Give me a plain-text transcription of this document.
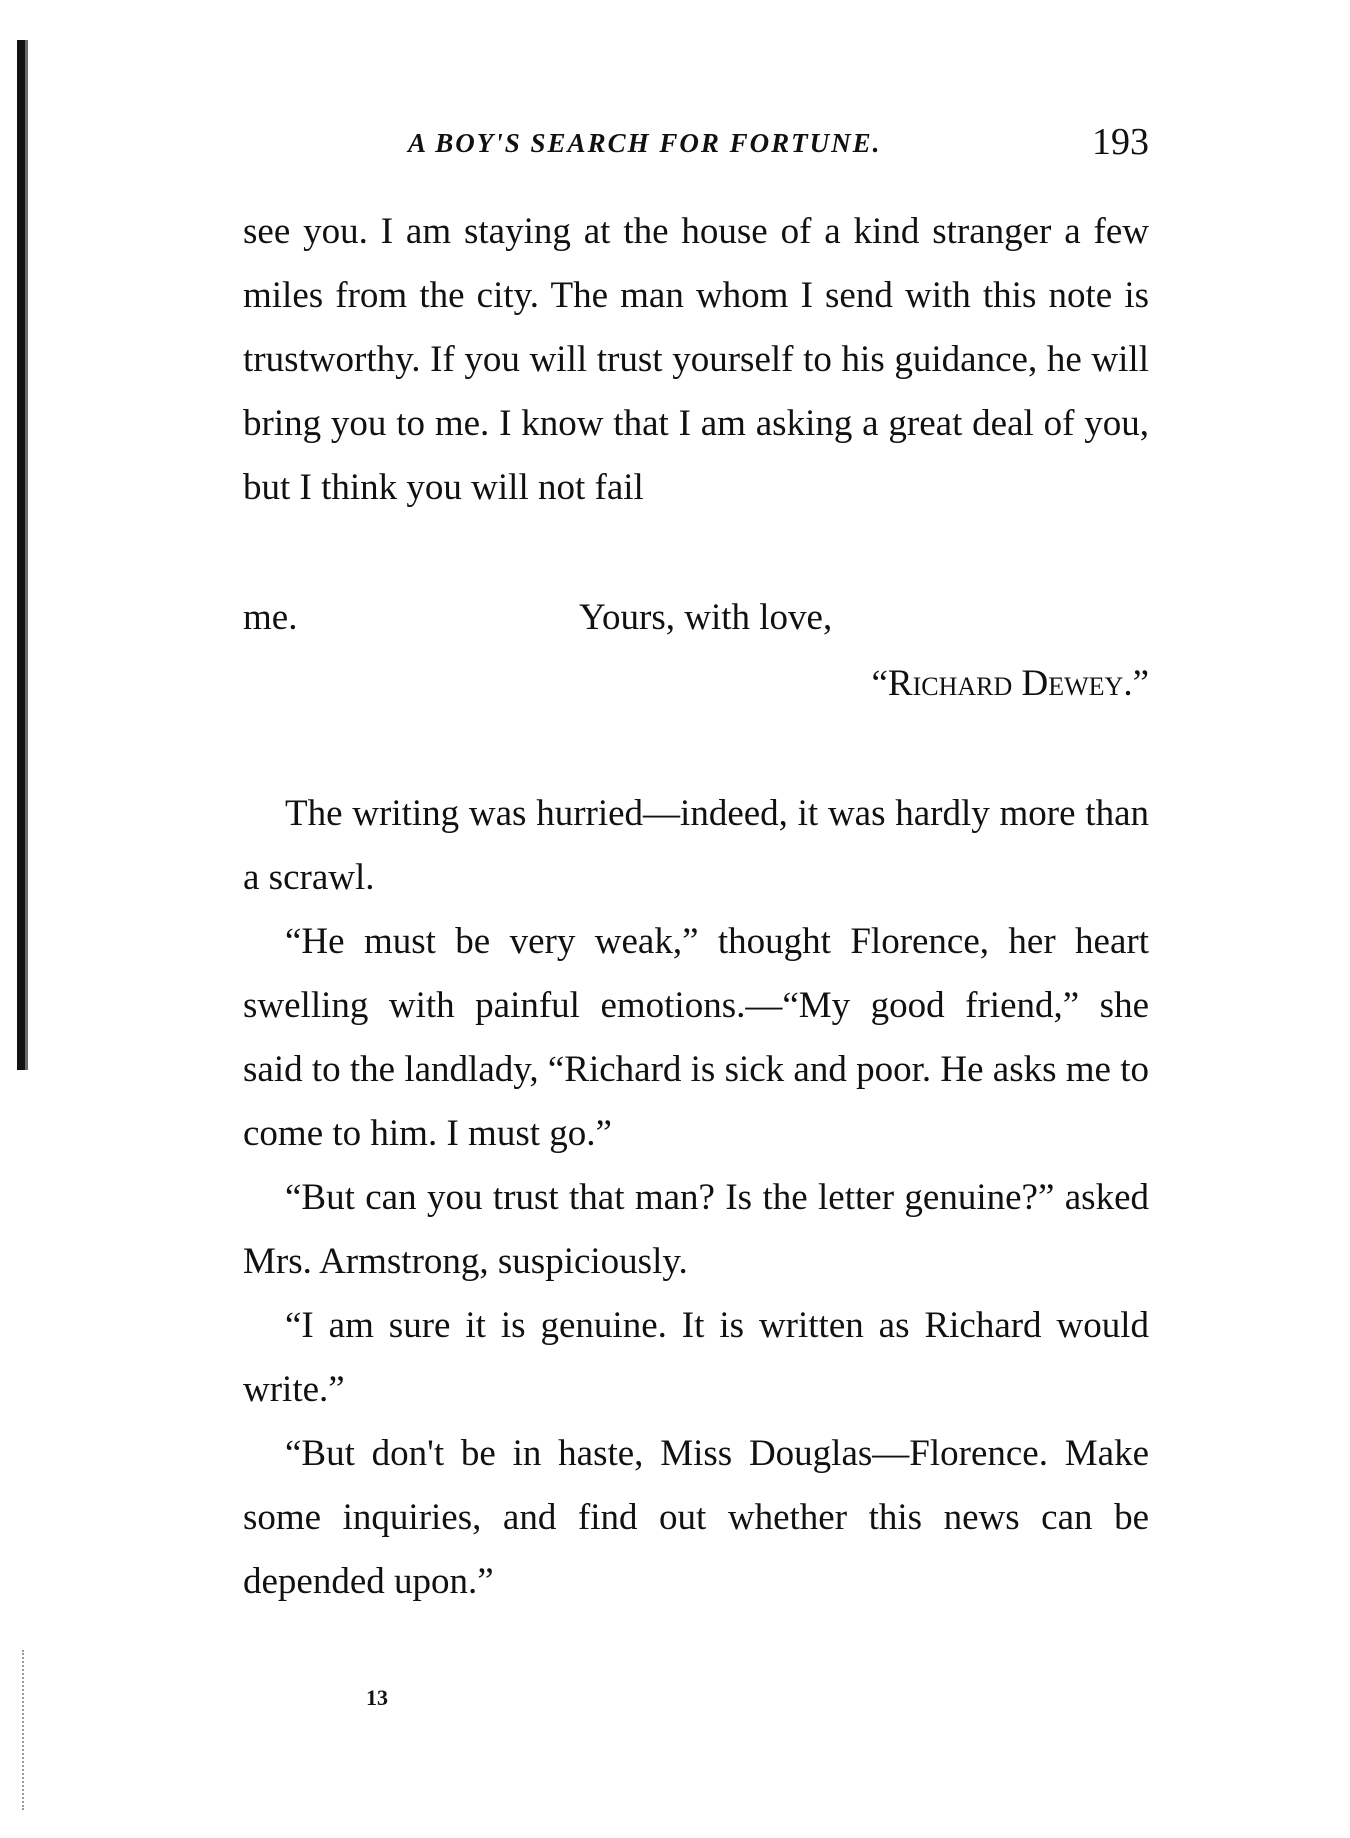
A BOY'S SEARCH FOR FORTUNE.	193

see you. I am staying at the house of a kind stranger a few miles from the city. The man whom I send with this note is trustworthy. If you will trust yourself to his guidance, he will bring you to me. I know that I am asking a great deal of you, but I think you will not fail

me.	Yours, with love,
“Richard Dewey.”

The writing was hurried—indeed, it was hardly more than a scrawl.

“He must be very weak,” thought Florence, her heart swelling with painful emotions.—“My good friend,” she said to the landlady, “Richard is sick and poor. He asks me to come to him. I must go.”

“But can you trust that man? Is the letter genuine?” asked Mrs. Armstrong, suspiciously.

“I am sure it is genuine. It is written as Richard would write.”

“But don't be in haste, Miss Douglas—Florence. Make some inquiries, and find out whether this news can be depended upon.”

13
